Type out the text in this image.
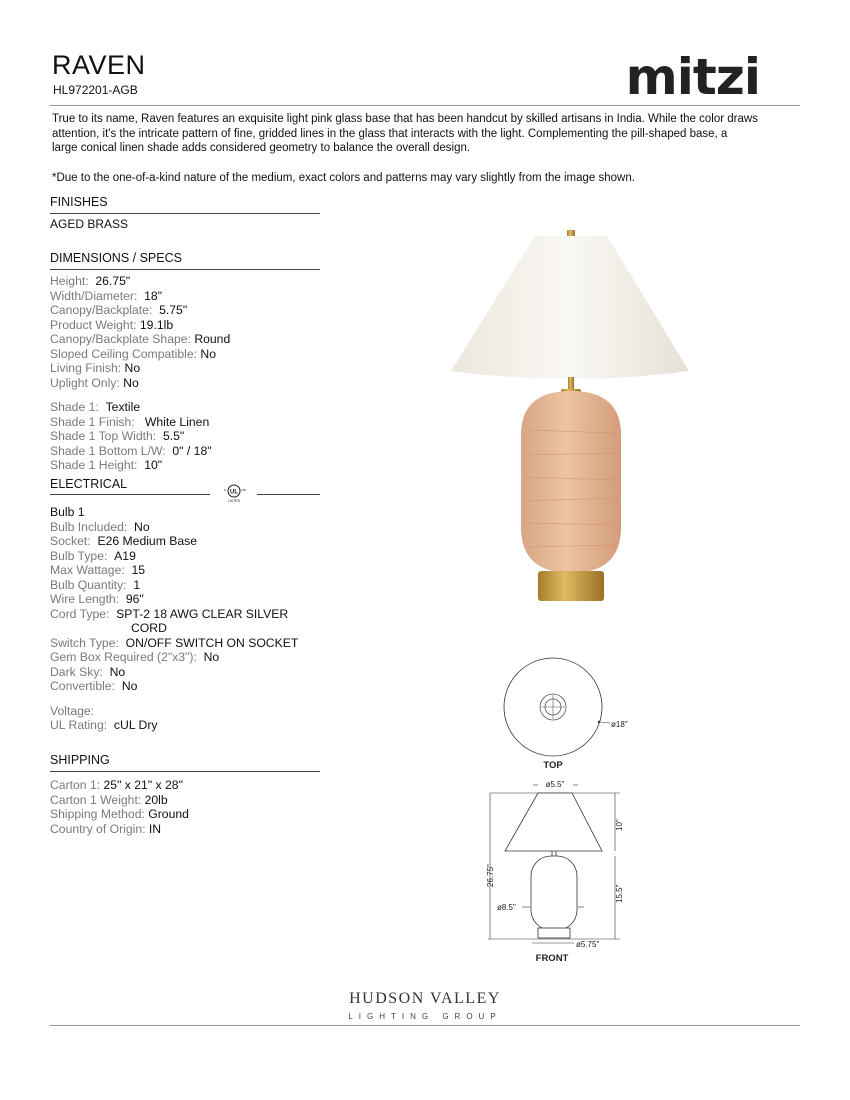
RAVEN
HL972201-AGB	mitzi
True to its name, Raven features an exquisite light pink glass base that has been handcut by skilled artisans in India. While the color draws
attention, it's the intricate pattern of fine, gridded lines in the glass that interacts with the light. Complementing the pill-shaped base, a
large conical linen shade adds considered geometry to balance the overall design.
*Due to the one-of-a-kind nature of the medium, exact colors and patterns may vary slightly from the image shown.
FINISHES
AGED BRASS
DIMENSIONS / SPECS
Height: 26.75"
Width/Diameter: 18"
Canopy/Backplate: 5.75"
Product Weight: 19.1lb
Canopy/Backplate Shape: Round
Sloped Ceiling Compatible: No
Living Finish: No
Uplight Only: No
Shade 1: Textile
Shade 1 Finish: White Linen
Shade 1 Top Width: 5.5"
Shade 1 Bottom L/W: 0" / 18"
Shade 1 Height: 10"
ELECTRICAL
UL
c	us
LISTED
Bulb 1
Bulb Included: No
Socket: E26 Medium Base
Bulb Type: A19
Max Wattage: 15
Bulb Quantity: 1
Wire Length: 96"
Cord Type: SPT-2 18 AWG CLEAR SILVER
CORD
Switch Type: ON/OFF SWITCH ON SOCKET
Gem Box Required (2"x3"): No
Dark Sky: No
Convertible: No
Voltage:
UL Rating: cUL Dry
SHIPPING
Carton 1: 25" x 21" x 28"
Carton 1 Weight: 20lb
Shipping Method: Ground
Country of Origin: IN
ø18"
TOP
ø5.5"
26.75"
10"
15.5"
ø8.5"
ø5.75"
FRONT
HUDSON VALLEY
LIGHTING GROUP
